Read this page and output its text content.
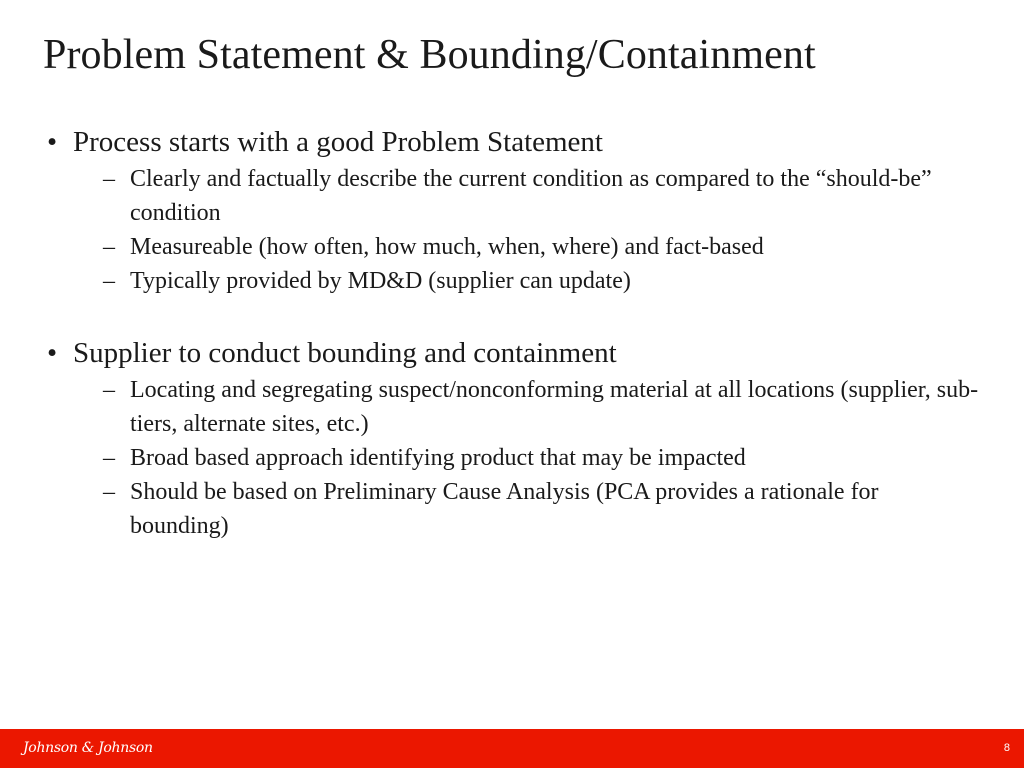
Problem Statement & Bounding/Containment
• Process starts with a good Problem Statement
– Clearly and factually describe the current condition as compared to the “should-be” condition
– Measureable (how often, how much, when, where) and fact-based
– Typically provided by MD&D (supplier can update)
• Supplier to conduct bounding and containment
– Locating and segregating suspect/nonconforming material at all locations (supplier, sub-tiers, alternate sites, etc.)
– Broad based approach identifying product that may be impacted
– Should be based on Preliminary Cause Analysis (PCA provides a rationale for bounding)
Johnson & Johnson	8
